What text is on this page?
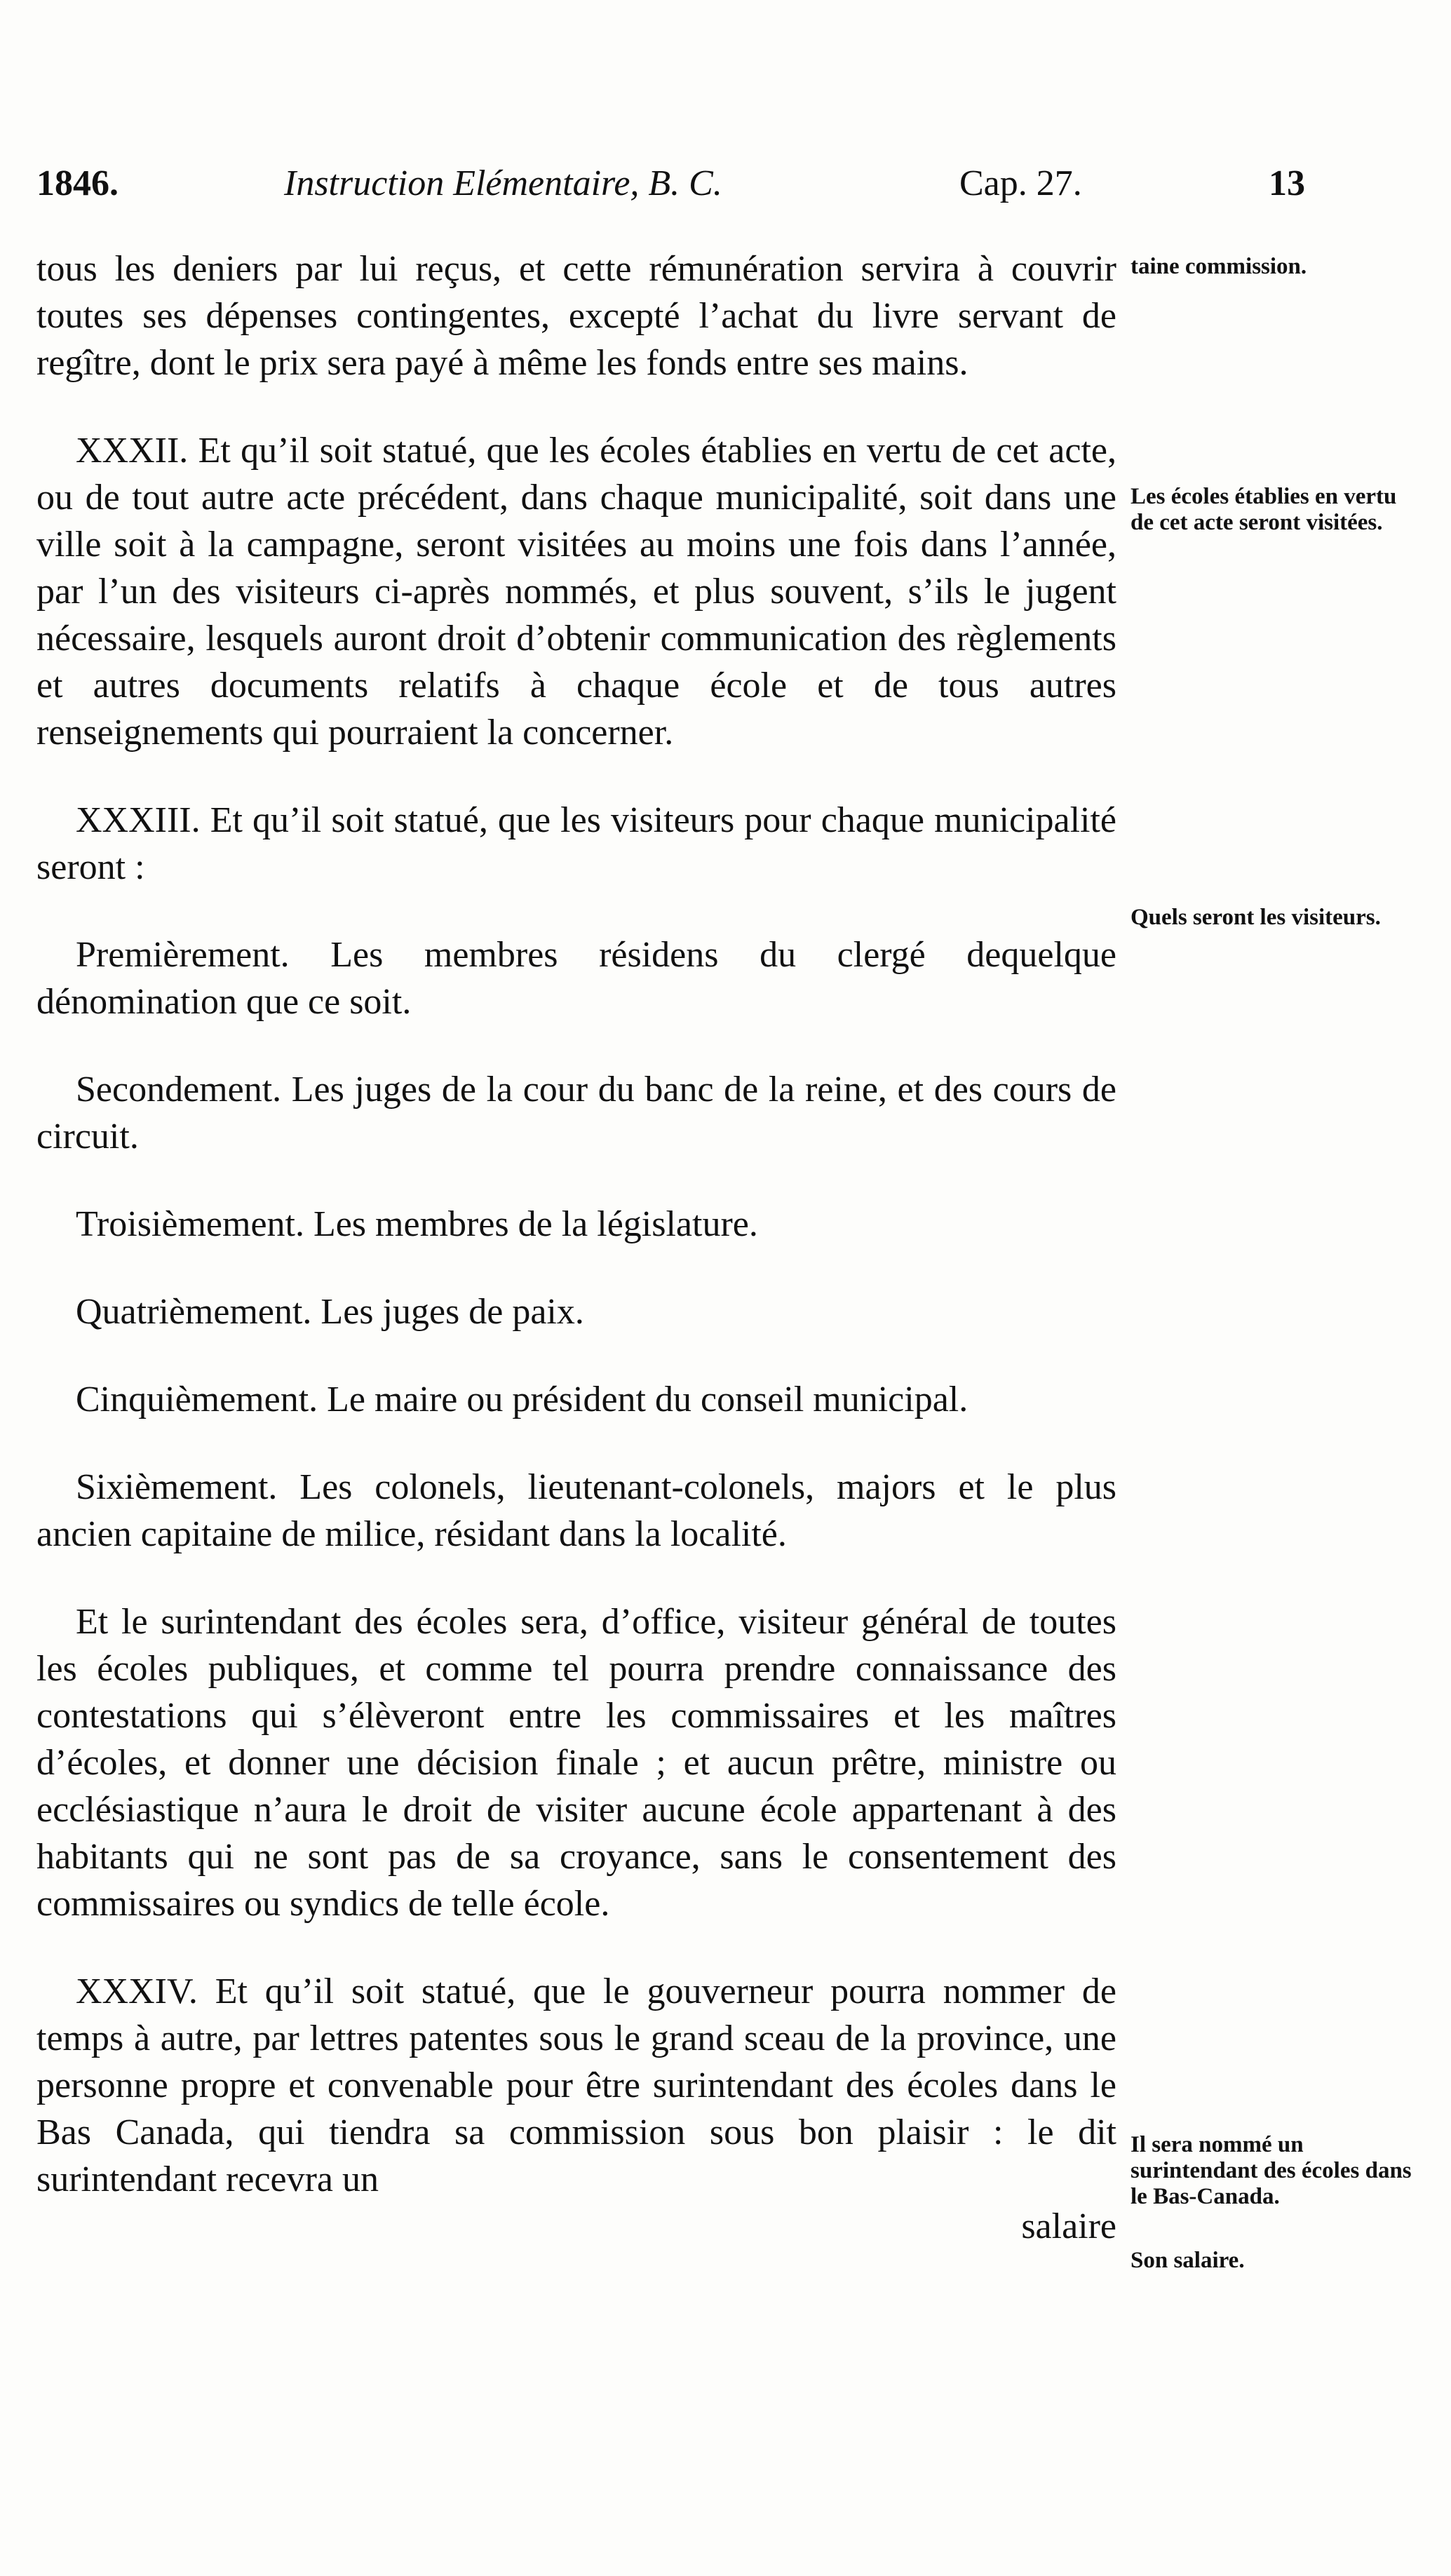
1846.	Instruction Elémentaire, B. C.	Cap. 27.	13

tous les deniers par lui reçus, et cette rémunération servira à couvrir toutes ses dépenses contingentes, excepté l’achat du livre servant de regître, dont le prix sera payé à même les fonds entre ses mains.

XXXII. Et qu’il soit statué, que les écoles établies en vertu de cet acte, ou de tout autre acte précédent, dans chaque municipalité, soit dans une ville soit à la campagne, seront visitées au moins une fois dans l’année, par l’un des visiteurs ci-après nommés, et plus souvent, s’ils le jugent nécessaire, lesquels auront droit d’obtenir communication des règlements et autres documents relatifs à chaque école et de tous autres renseignements qui pourraient la concerner.

XXXIII. Et qu’il soit statué, que les visiteurs pour chaque municipalité seront :

Premièrement. Les membres résidens du clergé dequelque dénomination que ce soit.

Secondement. Les juges de la cour du banc de la reine, et des cours de circuit.

Troisièmement. Les membres de la législature.

Quatrièmement. Les juges de paix.

Cinquièmement. Le maire ou président du conseil municipal.

Sixièmement. Les colonels, lieutenant-colonels, majors et le plus ancien capitaine de milice, résidant dans la localité.

Et le surintendant des écoles sera, d’office, visiteur général de toutes les écoles publiques, et comme tel pourra prendre connaissance des contestations qui s’élèveront entre les commissaires et les maîtres d’écoles, et donner une décision finale ; et aucun prêtre, ministre ou ecclésiastique n’aura le droit de visiter aucune école appartenant à des habitants qui ne sont pas de sa croyance, sans le consentement des commissaires ou syndics de telle école.

XXXIV. Et qu’il soit statué, que le gouverneur pourra nommer de temps à autre, par lettres patentes sous le grand sceau de la province, une personne propre et convenable pour être surintendant des écoles dans le Bas Canada, qui tiendra sa commission sous bon plaisir : le dit surintendant recevra un

salaire

taine commission.
Les écoles établies en vertu de cet acte seront visitées.
Quels seront les visiteurs.
Il sera nommé un surintendant des écoles dans le Bas-Canada.
Son salaire.
